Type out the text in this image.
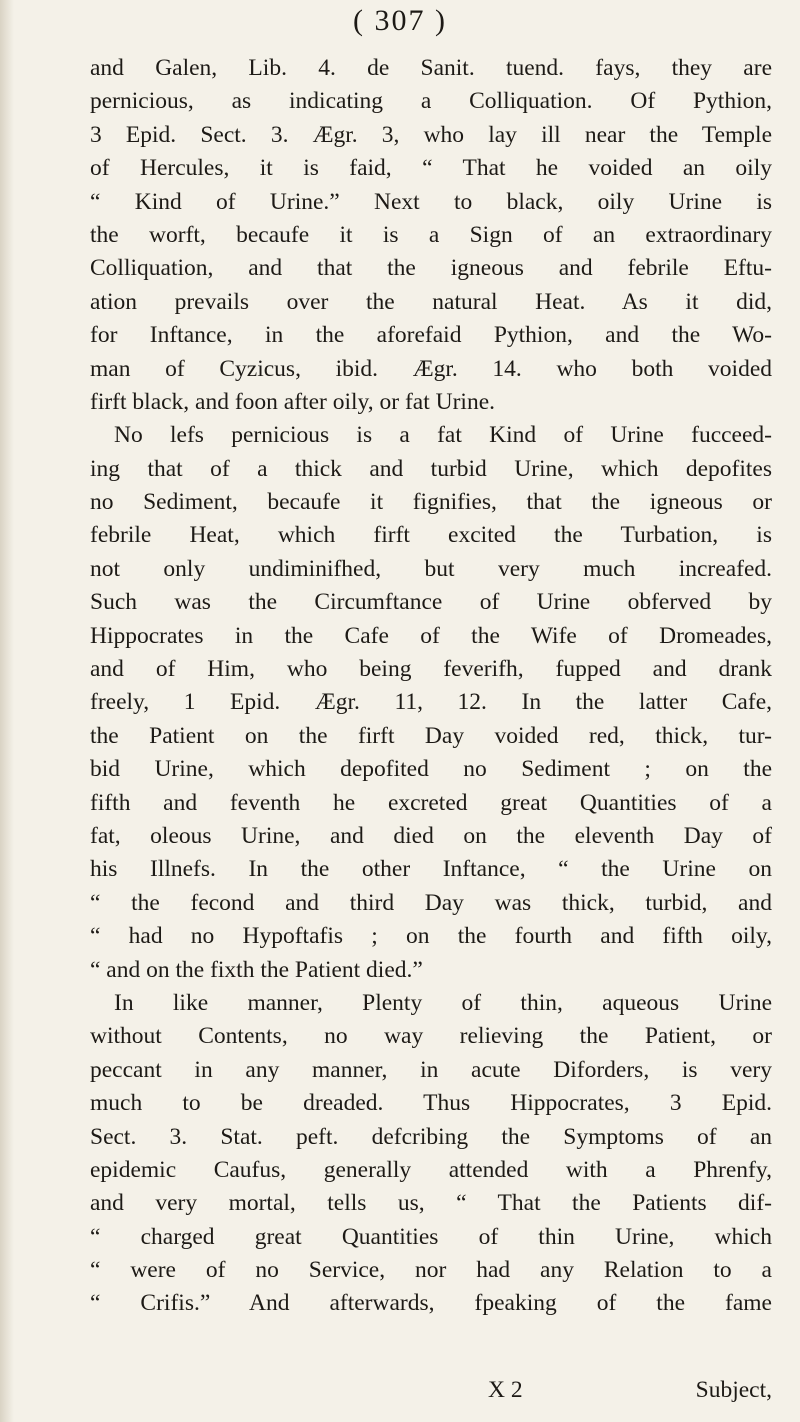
( 307 )
and Galen, Lib. 4. de Sanit. tuend. fays, they are
pernicious, as indicating a Colliquation. Of Pythion,
3 Epid. Sect. 3. Ægr. 3, who lay ill near the Temple
of Hercules, it is faid, “ That he voided an oily
“ Kind of Urine.” Next to black, oily Urine is
the worft, becaufe it is a Sign of an extraordinary
Colliquation, and that the igneous and febrile Eftu-
ation prevails over the natural Heat. As it did,
for Inftance, in the aforefaid Pythion, and the Wo-
man of Cyzicus, ibid. Ægr. 14. who both voided
firft black, and foon after oily, or fat Urine.
No lefs pernicious is a fat Kind of Urine fucceed-
ing that of a thick and turbid Urine, which depofites
no Sediment, becaufe it fignifies, that the igneous or
febrile Heat, which firft excited the Turbation, is
not only undiminifhed, but very much increafed.
Such was the Circumftance of Urine obferved by
Hippocrates in the Cafe of the Wife of Dromeades,
and of Him, who being feverifh, fupped and drank
freely, 1 Epid. Ægr. 11, 12. In the latter Cafe,
the Patient on the firft Day voided red, thick, tur-
bid Urine, which depofited no Sediment ; on the
fifth and feventh he excreted great Quantities of a
fat, oleous Urine, and died on the eleventh Day of
his Illnefs. In the other Inftance, “ the Urine on
“ the fecond and third Day was thick, turbid, and
“ had no Hypoftafis ; on the fourth and fifth oily,
“ and on the fixth the Patient died.”
In like manner, Plenty of thin, aqueous Urine
without Contents, no way relieving the Patient, or
peccant in any manner, in acute Diforders, is very
much to be dreaded. Thus Hippocrates, 3 Epid.
Sect. 3. Stat. peft. defcribing the Symptoms of an
epidemic Caufus, generally attended with a Phrenfy,
and very mortal, tells us, “ That the Patients dif-
“ charged great Quantities of thin Urine, which
“ were of no Service, nor had any Relation to a
“ Crifis.” And afterwards, fpeaking of the fame
X 2	Subject,
